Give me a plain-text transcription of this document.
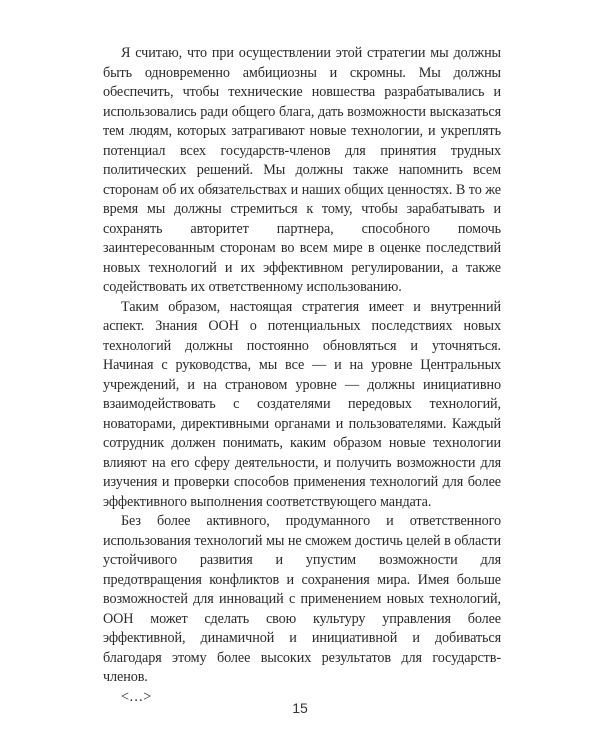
Я считаю, что при осуществлении этой стратегии мы должны быть одновременно амбициозны и скромны. Мы должны обеспечить, чтобы технические новшества разрабатывались и использовались ради общего блага, дать возможности высказаться тем людям, которых затрагивают новые технологии, и укреплять потенциал всех государств-членов для принятия трудных политических решений. Мы должны также напомнить всем сторонам об их обязательствах и наших общих ценностях. В то же время мы должны стремиться к тому, чтобы зарабатывать и сохранять авторитет партнера, способного помочь заинтересованным сторонам во всем мире в оценке последствий новых технологий и их эффективном регулировании, а также содействовать их ответственному использованию.

Таким образом, настоящая стратегия имеет и внутренний аспект. Знания ООН о потенциальных последствиях новых технологий должны постоянно обновляться и уточняться. Начиная с руководства, мы все — и на уровне Центральных учреждений, и на страновом уровне — должны инициативно взаимодействовать с создателями передовых технологий, новаторами, директивными органами и пользователями. Каждый сотрудник должен понимать, каким образом новые технологии влияют на его сферу деятельности, и получить возможности для изучения и проверки способов применения технологий для более эффективного выполнения соответствующего мандата.

Без более активного, продуманного и ответственного использования технологий мы не сможем достичь целей в области устойчивого развития и упустим возможности для предотвращения конфликтов и сохранения мира. Имея больше возможностей для инноваций с применением новых технологий, ООН может сделать свою культуру управления более эффективной, динамичной и инициативной и добиваться благодаря этому более высоких результатов для государств-членов.

<…>

15
